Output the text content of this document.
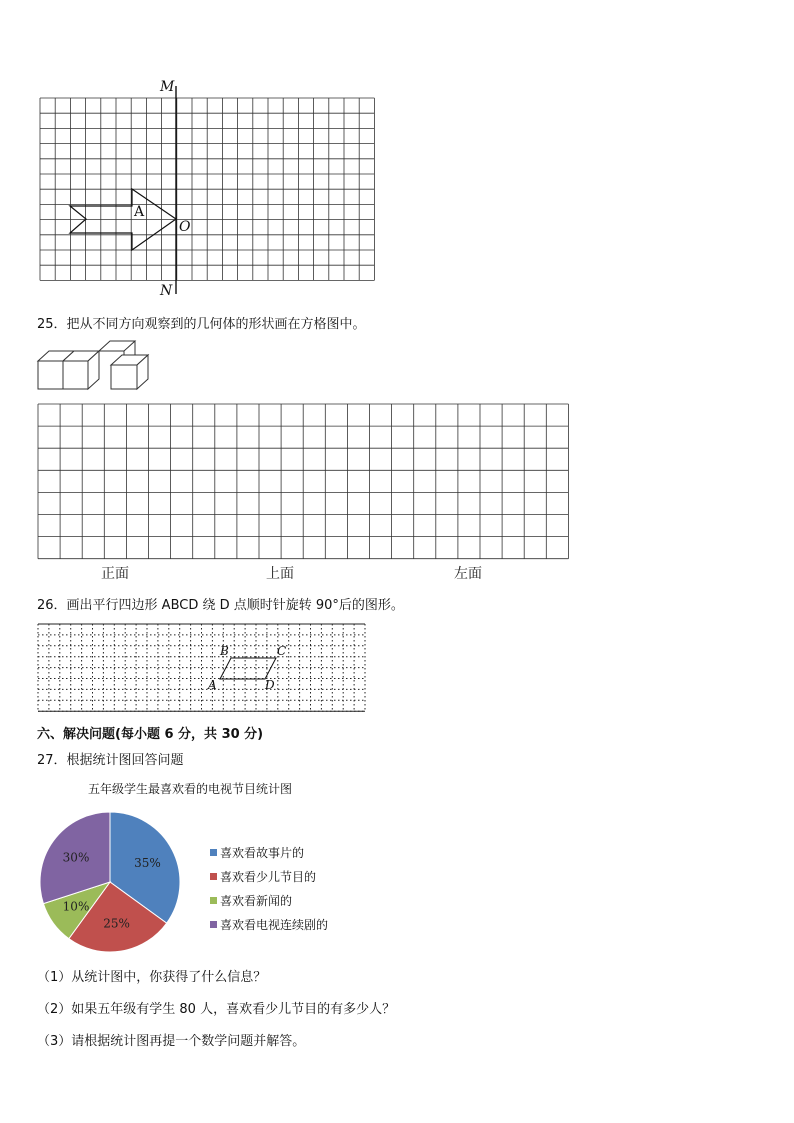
M
N
O
A
25．把从不同方向观察到的几何体的形状画在方格图中。
正面	上面	左面
26．画出平行四边形 ABCD 绕 D 点顺时针旋转 90°后的图形。
B	C
A	D
六、解决问题(每小题 6 分，共 30 分)
27．根据统计图回答问题
五年级学生最喜欢看的电视节目统计图
35%
25%
10%
30%	喜欢看故事片的
喜欢看少儿节目的
喜欢看新闻的
喜欢看电视连续剧的
（1）从统计图中，你获得了什么信息？
（2）如果五年级有学生 80 人，喜欢看少儿节目的有多少人？
（3）请根据统计图再提一个数学问题并解答。
